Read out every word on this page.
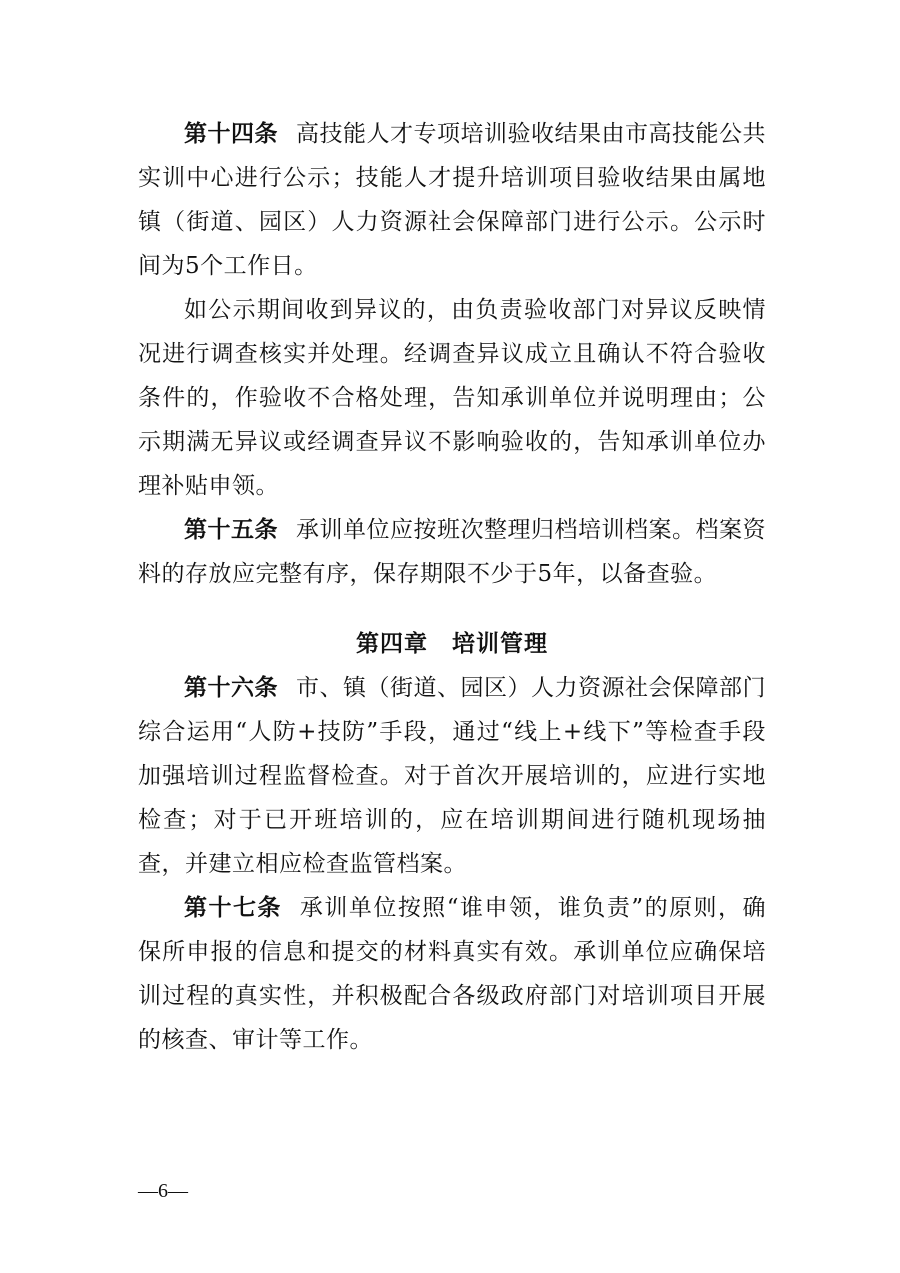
第十四条 高技能人才专项培训验收结果由市高技能公共实训中心进行公示；技能人才提升培训项目验收结果由属地镇（街道、园区）人力资源社会保障部门进行公示。公示时间为5个工作日。

如公示期间收到异议的，由负责验收部门对异议反映情况进行调查核实并处理。经调查异议成立且确认不符合验收条件的，作验收不合格处理，告知承训单位并说明理由；公示期满无异议或经调查异议不影响验收的，告知承训单位办理补贴申领。

第十五条 承训单位应按班次整理归档培训档案。档案资料的存放应完整有序，保存期限不少于5年，以备查验。

第四章 培训管理

第十六条 市、镇（街道、园区）人力资源社会保障部门综合运用“人防+技防”手段，通过“线上+线下”等检查手段加强培训过程监督检查。对于首次开展培训的，应进行实地检查；对于已开班培训的，应在培训期间进行随机现场抽查，并建立相应检查监管档案。

第十七条 承训单位按照“谁申领，谁负责”的原则，确保所申报的信息和提交的材料真实有效。承训单位应确保培训过程的真实性，并积极配合各级政府部门对培训项目开展的核查、审计等工作。

—6—
